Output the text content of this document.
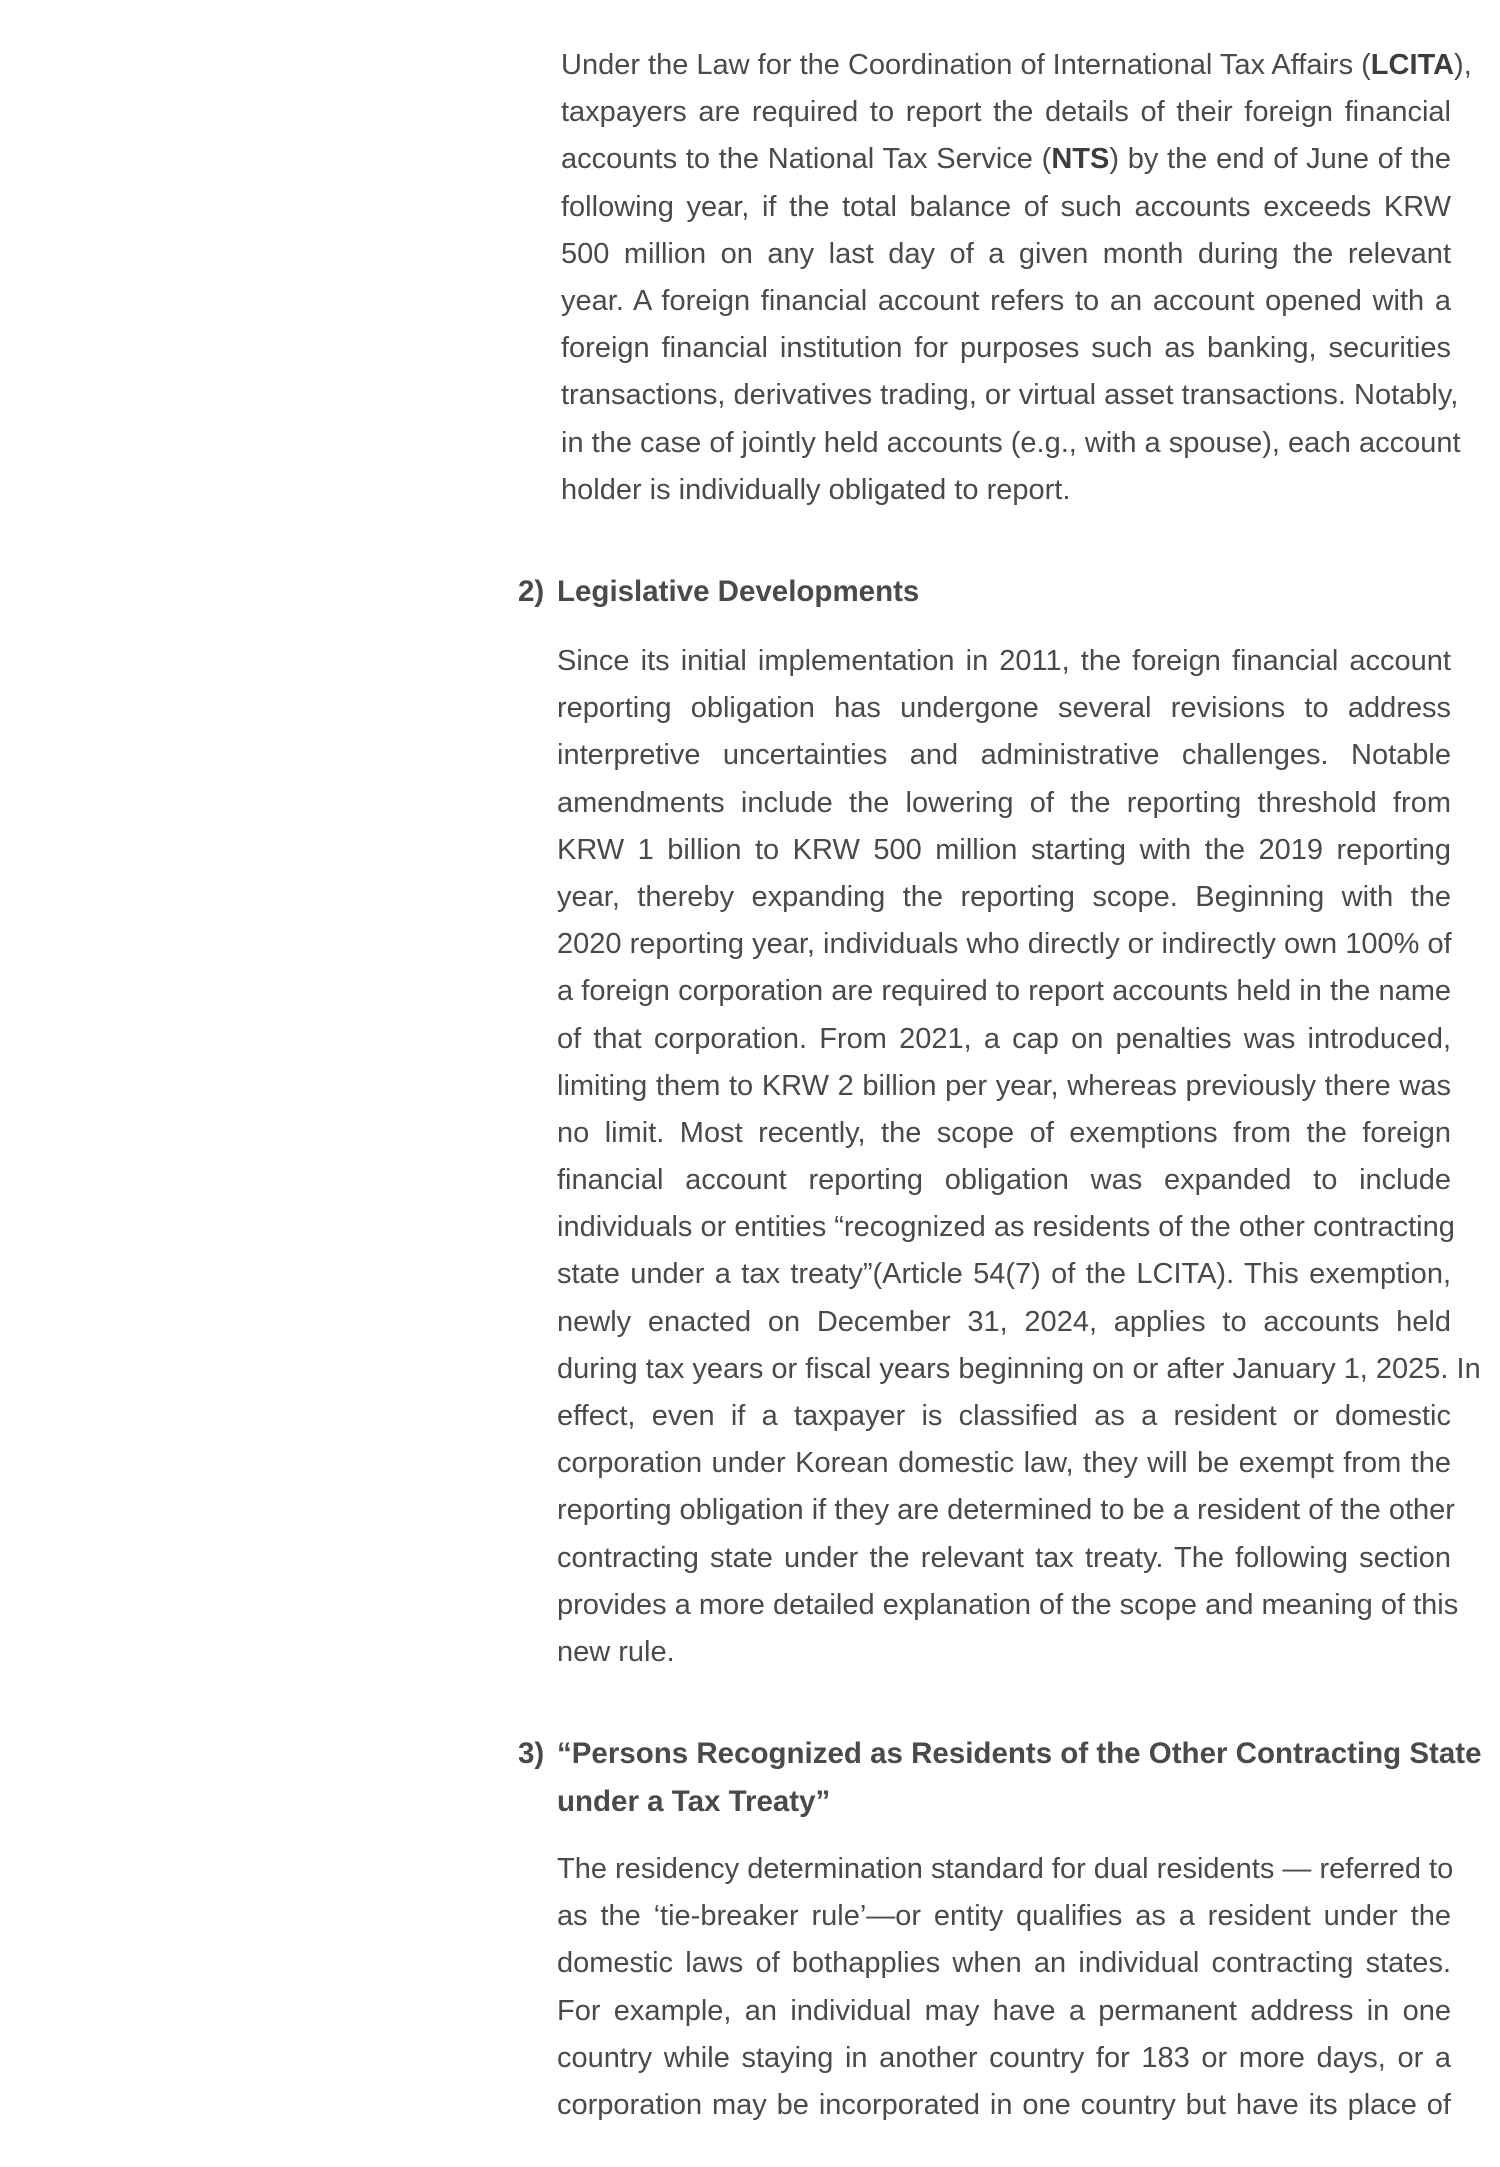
Under the Law for the Coordination of International Tax Affairs (LCITA),
taxpayers are required to report the details of their foreign financial
accounts to the National Tax Service (NTS) by the end of June of the
following year, if the total balance of such accounts exceeds KRW
500 million on any last day of a given month during the relevant
year. A foreign financial account refers to an account opened with a
foreign financial institution for purposes such as banking, securities
transactions, derivatives trading, or virtual asset transactions. Notably,
in the case of jointly held accounts (e.g., with a spouse), each account
holder is individually obligated to report.
2) Legislative Developments
Since its initial implementation in 2011, the foreign financial account
reporting obligation has undergone several revisions to address
interpretive uncertainties and administrative challenges. Notable
amendments include the lowering of the reporting threshold from
KRW 1 billion to KRW 500 million starting with the 2019 reporting
year, thereby expanding the reporting scope. Beginning with the
2020 reporting year, individuals who directly or indirectly own 100% of
a foreign corporation are required to report accounts held in the name
of that corporation. From 2021, a cap on penalties was introduced,
limiting them to KRW 2 billion per year, whereas previously there was
no limit. Most recently, the scope of exemptions from the foreign
financial account reporting obligation was expanded to include
individuals or entities “recognized as residents of the other contracting
state under a tax treaty”(Article 54(7) of the LCITA). This exemption,
newly enacted on December 31, 2024, applies to accounts held
during tax years or fiscal years beginning on or after January 1, 2025. In
effect, even if a taxpayer is classified as a resident or domestic
corporation under Korean domestic law, they will be exempt from the
reporting obligation if they are determined to be a resident of the other
contracting state under the relevant tax treaty. The following section
provides a more detailed explanation of the scope and meaning of this
new rule.
3) “Persons Recognized as Residents of the Other Contracting State
under a Tax Treaty”
The residency determination standard for dual residents — referred to
as the ‘tie-breaker rule’—or entity qualifies as a resident under the
domestic laws of bothapplies when an individual contracting states.
For example, an individual may have a permanent address in one
country while staying in another country for 183 or more days, or a
corporation may be incorporated in one country but have its place of
